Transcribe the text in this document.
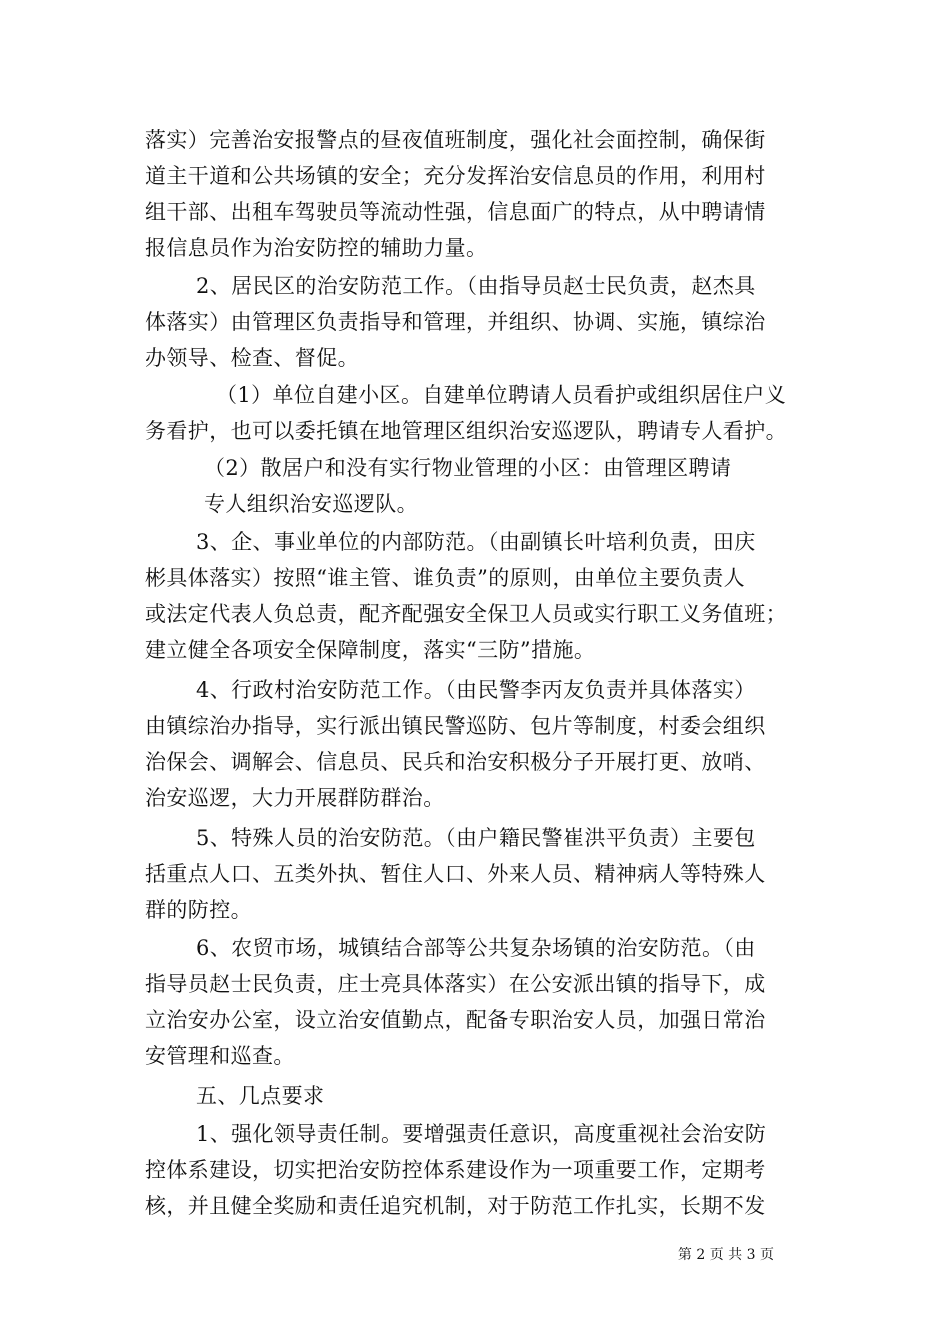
落实）完善治安报警点的昼夜值班制度，强化社会面控制，确保街
道主干道和公共场镇的安全；充分发挥治安信息员的作用，利用村
组干部、出租车驾驶员等流动性强，信息面广的特点，从中聘请情
报信息员作为治安防控的辅助力量。
2、居民区的治安防范工作。（由指导员赵士民负责，赵杰具
体落实）由管理区负责指导和管理，并组织、协调、实施，镇综治
办领导、检查、督促。
（1）单位自建小区。自建单位聘请人员看护或组织居住户义
务看护，也可以委托镇在地管理区组织治安巡逻队，聘请专人看护。
（2）散居户和没有实行物业管理的小区：由管理区聘请
专人组织治安巡逻队。
3、企、事业单位的内部防范。（由副镇长叶培利负责，田庆
彬具体落实）按照“谁主管、谁负责”的原则，由单位主要负责人
或法定代表人负总责，配齐配强安全保卫人员或实行职工义务值班；
建立健全各项安全保障制度，落实“三防”措施。
4、行政村治安防范工作。（由民警李丙友负责并具体落实）
由镇综治办指导，实行派出镇民警巡防、包片等制度，村委会组织
治保会、调解会、信息员、民兵和治安积极分子开展打更、放哨、
治安巡逻，大力开展群防群治。
5、特殊人员的治安防范。（由户籍民警崔洪平负责）主要包
括重点人口、五类外执、暂住人口、外来人员、精神病人等特殊人
群的防控。
6、农贸市场，城镇结合部等公共复杂场镇的治安防范。（由
指导员赵士民负责，庄士亮具体落实）在公安派出镇的指导下，成
立治安办公室，设立治安值勤点，配备专职治安人员，加强日常治
安管理和巡查。
五、几点要求
1、强化领导责任制。要增强责任意识，高度重视社会治安防
控体系建设，切实把治安防控体系建设作为一项重要工作，定期考
核，并且健全奖励和责任追究机制，对于防范工作扎实，长期不发
第 2 页 共 3 页
